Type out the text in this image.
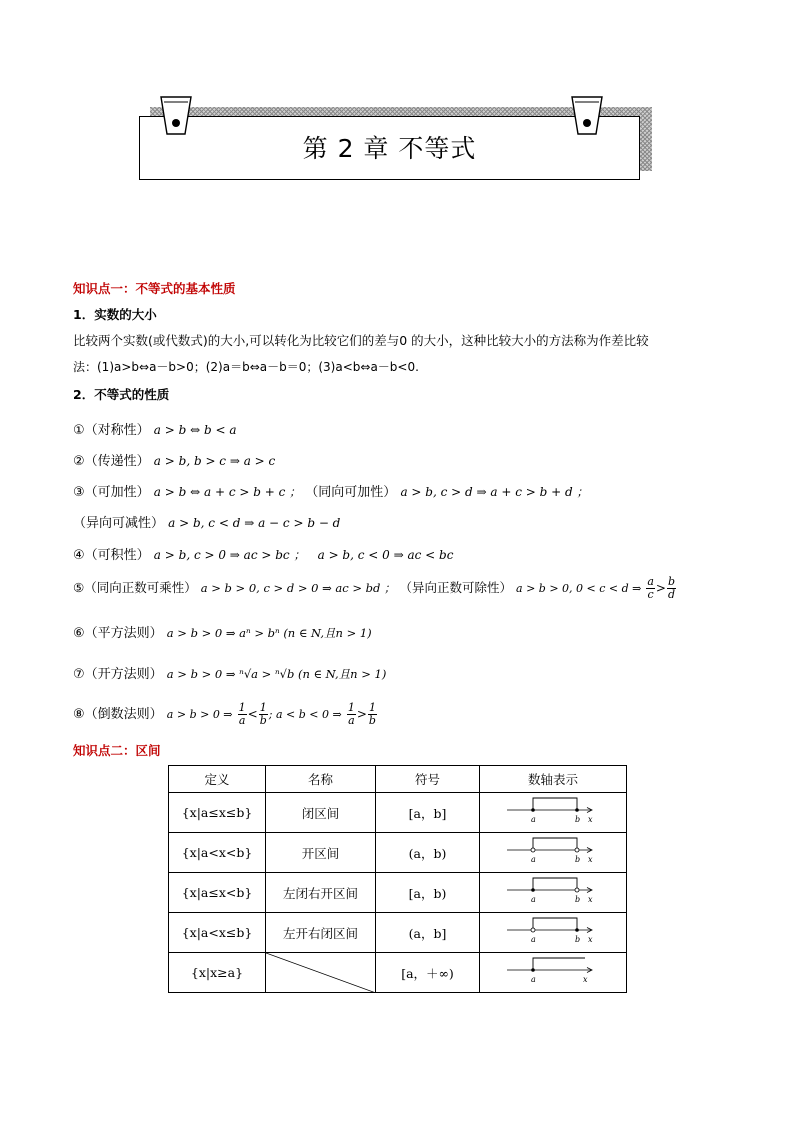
第 2 章 不等式
知识点一：不等式的基本性质
1．实数的大小
比较两个实数(或代数式)的大小,可以转化为比较它们的差与0 的大小，这种比较大小的方法称为作差比较
法：(1)a>b⇔a－b>0；(2)a＝b⇔a－b＝0；(3)a<b⇔a－b<0.
2．不等式的性质
①（对称性） a > b ⇔ b < a
②（传递性） a > b, b > c ⇒ a > c
③（可加性） a > b ⇔ a + c > b + c ； （同向可加性） a > b, c > d ⇒ a + c > b + d ；
（异向可减性） a > b, c < d ⇒ a − c > b − d
④（可积性） a > b, c > 0 ⇒ ac > bc ； a > b, c < 0 ⇒ ac < bc
⑤（同向正数可乘性） a > b > 0, c > d > 0 ⇒ ac > bd ； （异向正数可除性） a > b > 0, 0 < c < d ⇒ $\frac{a}{c} > \frac{b}{d}$
⑥（平方法则） a > b > 0 ⇒ aⁿ > bⁿ (n ∈ N,且n > 1)
⑦（开方法则） a > b > 0 ⇒ ⁿ√a > ⁿ√b (n ∈ N,且n > 1)
⑧（倒数法则） a > b > 0 ⇒ $\frac{1}{a} < \frac{1}{b}$ ; a < b < 0 ⇒ $\frac{1}{a} > \frac{1}{b}$
知识点二：区间
定义	名称	符号	数轴表示
{x|a≤x≤b}	闭区间	[a，b]	a b x

{x|a<x<b}	开区间	(a，b)	a b x

{x|a≤x<b}	左闭右开区间	[a，b)	a b x

{x|a<x≤b}	左开右闭区间	(a，b]	a b x

{x|x≥a}		[a，＋∞)	a x
